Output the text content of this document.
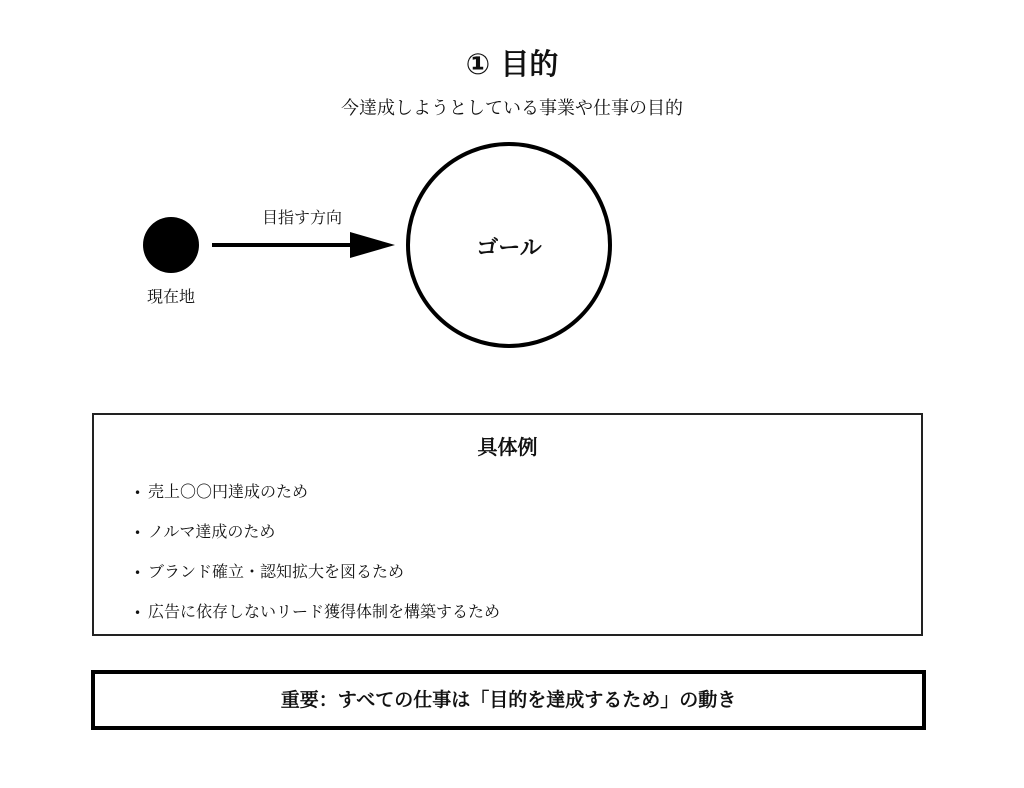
① 目的
今達成しようとしている事業や仕事の目的
現在地
目指す方向
ゴール
具体例
• 売上〇〇円達成のため
• ノルマ達成のため
• ブランド確立・認知拡大を図るため
• 広告に依存しないリード獲得体制を構築するため
重要：すべての仕事は「目的を達成するため」の動き
